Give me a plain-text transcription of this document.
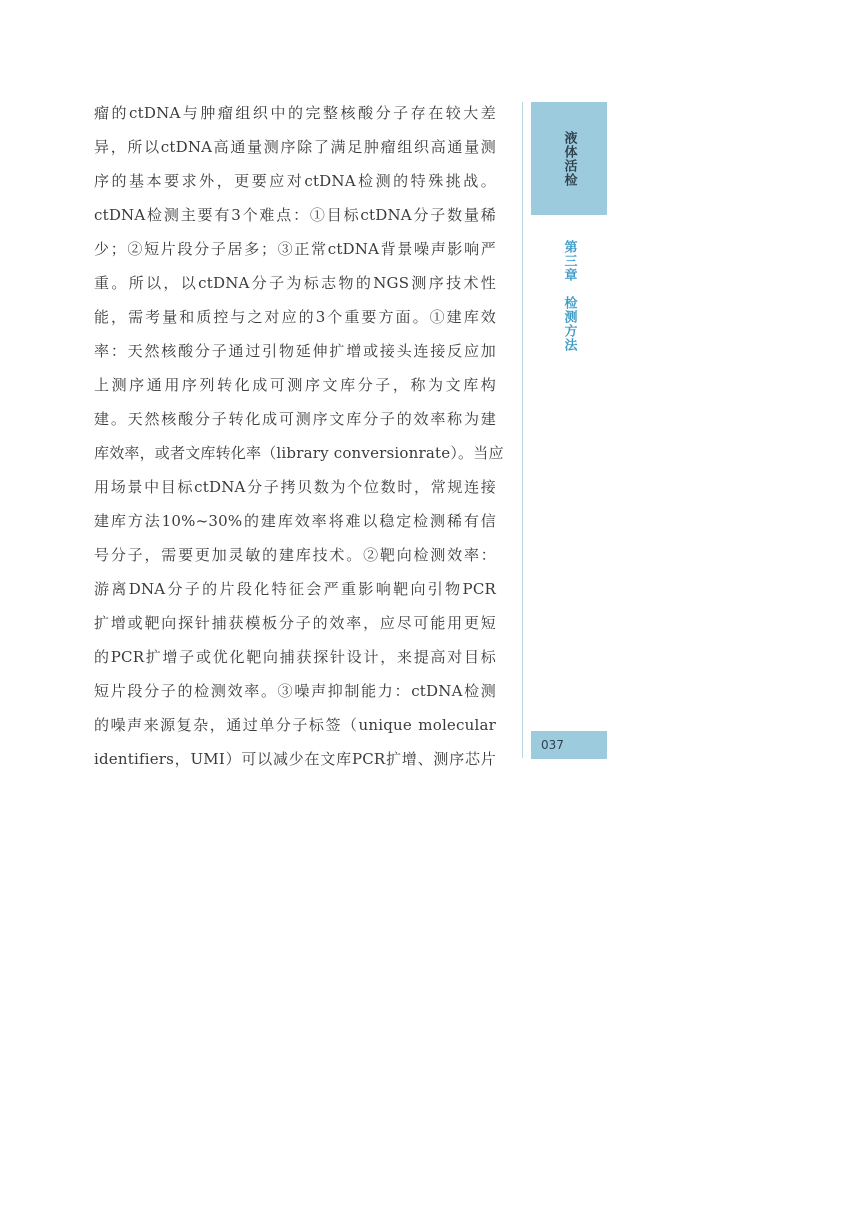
瘤的ctDNA与肿瘤组织中的完整核酸分子存在较大差
异，所以ctDNA高通量测序除了满足肿瘤组织高通量测
序的基本要求外，更要应对ctDNA检测的特殊挑战。
ctDNA检测主要有3个难点：①目标ctDNA分子数量稀
少；②短片段分子居多；③正常ctDNA背景噪声影响严
重。所以，以ctDNA分子为标志物的NGS测序技术性
能，需考量和质控与之对应的3个重要方面。①建库效
率：天然核酸分子通过引物延伸扩增或接头连接反应加
上测序通用序列转化成可测序文库分子，称为文库构
建。天然核酸分子转化成可测序文库分子的效率称为建
库效率，或者文库转化率（library conversionrate）。当应
用场景中目标ctDNA分子拷贝数为个位数时，常规连接
建库方法10%~30%的建库效率将难以稳定检测稀有信
号分子，需要更加灵敏的建库技术。②靶向检测效率：
游离DNA分子的片段化特征会严重影响靶向引物PCR
扩增或靶向探针捕获模板分子的效率，应尽可能用更短
的PCR扩增子或优化靶向捕获探针设计，来提高对目标
短片段分子的检测效率。③噪声抑制能力：ctDNA检测
的噪声来源复杂，通过单分子标签（unique molecular
identifiers，UMI）可以减少在文库PCR扩增、测序芯片
液体活检
第三章检测方法
037
